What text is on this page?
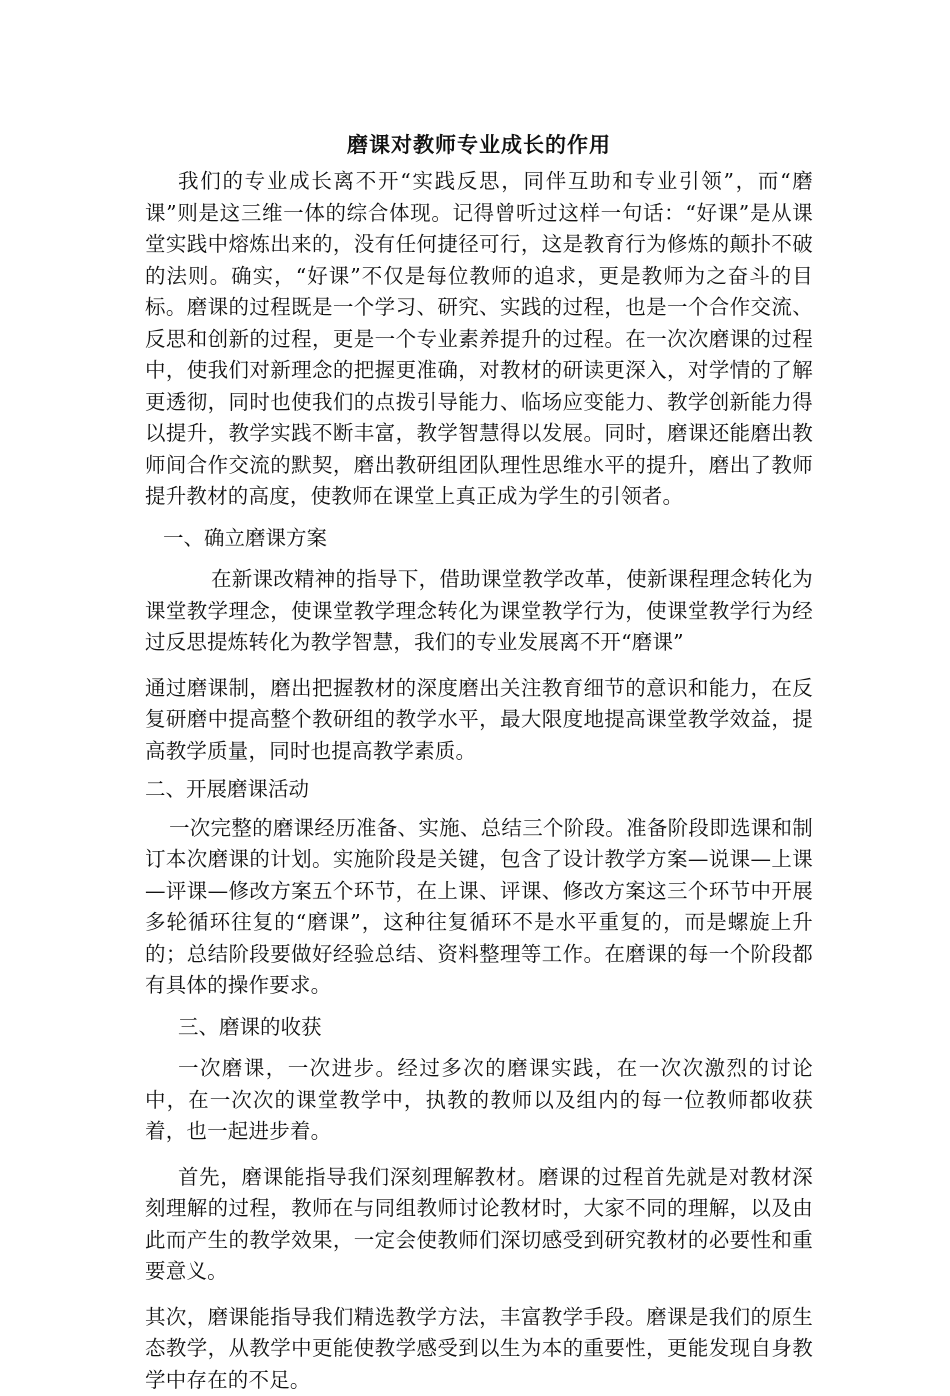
磨课对教师专业成长的作用

我们的专业成长离不开“实践反思，同伴互助和专业引领”，而“磨课”则是这三维一体的综合体现。记得曾听过这样一句话：“好课”是从课堂实践中熔炼出来的，没有任何捷径可行，这是教育行为修炼的颠扑不破的法则。确实，“好课”不仅是每位教师的追求，更是教师为之奋斗的目标。磨课的过程既是一个学习、研究、实践的过程，也是一个合作交流、反思和创新的过程，更是一个专业素养提升的过程。在一次次磨课的过程中，使我们对新理念的把握更准确，对教材的研读更深入，对学情的了解更透彻，同时也使我们的点拨引导能力、临场应变能力、教学创新能力得以提升，教学实践不断丰富，教学智慧得以发展。同时，磨课还能磨出教师间合作交流的默契，磨出教研组团队理性思维水平的提升，磨出了教师提升教材的高度，使教师在课堂上真正成为学生的引领者。

一、确立磨课方案

在新课改精神的指导下，借助课堂教学改革，使新课程理念转化为课堂教学理念，使课堂教学理念转化为课堂教学行为，使课堂教学行为经过反思提炼转化为教学智慧，我们的专业发展离不开“磨课”

通过磨课制，磨出把握教材的深度磨出关注教育细节的意识和能力，在反复研磨中提高整个教研组的教学水平，最大限度地提高课堂教学效益，提高教学质量，同时也提高教学素质。

二、开展磨课活动

一次完整的磨课经历准备、实施、总结三个阶段。准备阶段即选课和制订本次磨课的计划。实施阶段是关键，包含了设计教学方案—说课—上课—评课—修改方案五个环节，在上课、评课、修改方案这三个环节中开展多轮循环往复的“磨课”，这种往复循环不是水平重复的，而是螺旋上升的；总结阶段要做好经验总结、资料整理等工作。在磨课的每一个阶段都有具体的操作要求。

三、磨课的收获

一次磨课，一次进步。经过多次的磨课实践，在一次次激烈的讨论中，在一次次的课堂教学中，执教的教师以及组内的每一位教师都收获着，也一起进步着。

首先，磨课能指导我们深刻理解教材。磨课的过程首先就是对教材深刻理解的过程，教师在与同组教师讨论教材时，大家不同的理解，以及由此而产生的教学效果，一定会使教师们深切感受到研究教材的必要性和重要意义。

其次，磨课能指导我们精选教学方法，丰富教学手段。磨课是我们的原生态教学，从教学中更能使教学感受到以生为本的重要性，更能发现自身教学中存在的不足。
